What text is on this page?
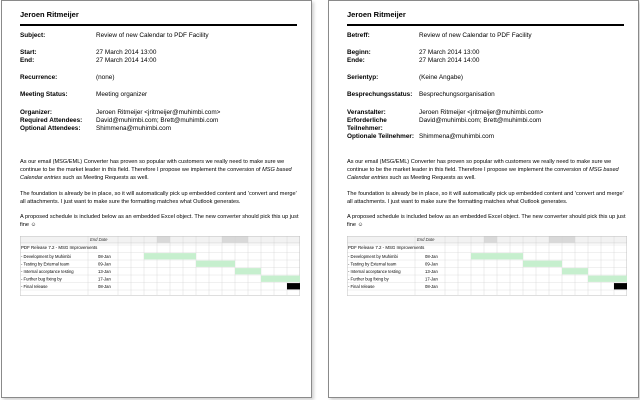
Jeroen Ritmeijer
Subject:	Review of new Calendar to PDF Facility
Start:	27 March 2014 13:00
End:	27 March 2014 14:00
Recurrence:	(none)
Meeting Status:	Meeting organizer
Organizer:	Jeroen Ritmeijer <jritmeijer@muhimbi.com>
Required Attendees: David@muhimbi.com; Brett@muhimbi.com
Optional Attendees: Shimmena@muhimbi.com
As our email (MSG/EML) Converter has proven so popular with customers we really need to make sure we continue to be the market leader in this field. Therefore I propose we implement the conversion of MSG based Calendar entries such as Meeting Requests as well.
The foundation is already be in place, so it will automatically pick up embedded content and 'convert and merge' all attachments. I just want to make sure the formatting matches what Outlook generates.
A proposed schedule is included below as an embedded Excel object. The new converter should pick this up just fine ☺
End Date
PDF Release 7.2 - MSG Improvements
- Development by Muhimbi	08-Jan
- Testing by External team	09-Jan
- Internal acceptance testing	13-Jan
- Further bug fixing by	17-Jan
- Final release	08-Jan
Jeroen Ritmeijer
Betreff:	Review of new Calendar to PDF Facility
Beginn:	27 March 2014 13:00
Ende:	27 March 2014 14:00
Serientyp:	(Keine Angabe)
Besprechungsstatus: Besprechungsorganisation
Veranstalter:	Jeroen Ritmeijer <jritmeijer@muhimbi.com>
Erforderliche Teilnehmer:
David@muhimbi.com; Brett@muhimbi.com
Optionale Teilnehmer: Shimmena@muhimbi.com
As our email (MSG/EML) Converter has proven so popular with customers we really need to make sure we continue to be the market leader in this field. Therefore I propose we implement the conversion of MSG based Calendar entries such as Meeting Requests as well.
The foundation is already be in place, so it will automatically pick up embedded content and 'convert and merge' all attachments. I just want to make sure the formatting matches what Outlook generates.
A proposed schedule is included below as an embedded Excel object. The new converter should pick this up just fine ☺
End Date
PDF Release 7.2 - MSG Improvements
- Development by Muhimbi	08-Jan
- Testing by External team	09-Jan
- Internal acceptance testing	13-Jan
- Further bug fixing by	17-Jan
- Final release	08-Jan
